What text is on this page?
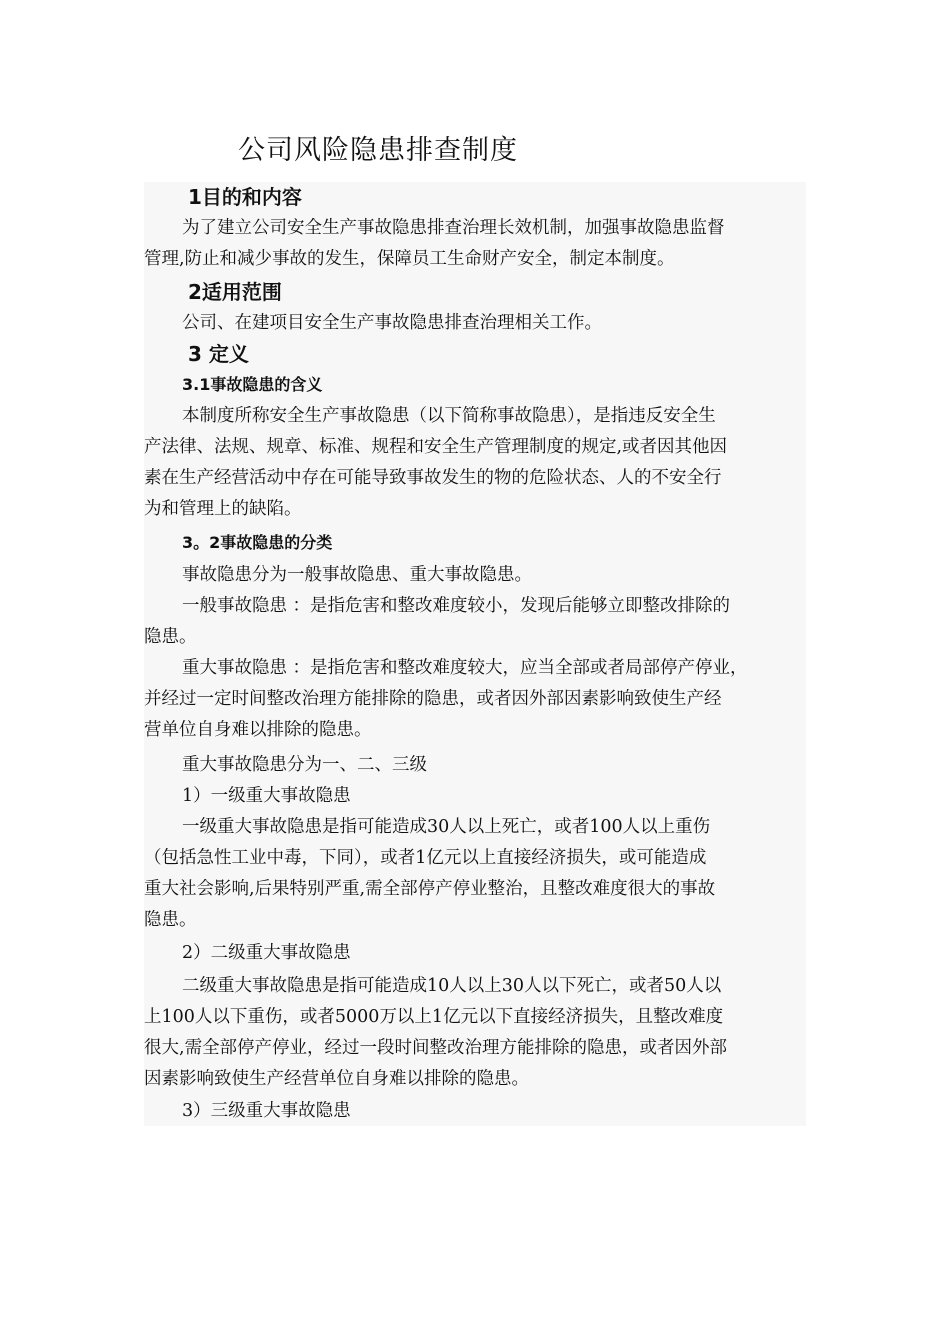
公司风险隐患排查制度
1目的和内容
为了建立公司安全生产事故隐患排查治理长效机制，加强事故隐患监督
管理,防止和减少事故的发生，保障员工生命财产安全，制定本制度。
2适用范围
公司、在建项目安全生产事故隐患排查治理相关工作。
3 定义
3.1事故隐患的含义
本制度所称安全生产事故隐患（以下简称事故隐患），是指违反安全生
产法律、法规、规章、标准、规程和安全生产管理制度的规定,或者因其他因
素在生产经营活动中存在可能导致事故发生的物的危险状态、人的不安全行
为和管理上的缺陷。
3。2事故隐患的分类
事故隐患分为一般事故隐患、重大事故隐患。
一般事故隐患 ：是指危害和整改难度较小，发现后能够立即整改排除的
隐患。
重大事故隐患 ：是指危害和整改难度较大，应当全部或者局部停产停业，
并经过一定时间整改治理方能排除的隐患，或者因外部因素影响致使生产经
营单位自身难以排除的隐患。
重大事故隐患分为一、二、三级
1）一级重大事故隐患
一级重大事故隐患是指可能造成30人以上死亡，或者100人以上重伤
（包括急性工业中毒，下同），或者1亿元以上直接经济损失，或可能造成
重大社会影响,后果特别严重,需全部停产停业整治，且整改难度很大的事故
隐患。
2）二级重大事故隐患
二级重大事故隐患是指可能造成10人以上30人以下死亡，或者50人以
上100人以下重伤，或者5000万以上1亿元以下直接经济损失，且整改难度
很大,需全部停产停业，经过一段时间整改治理方能排除的隐患，或者因外部
因素影响致使生产经营单位自身难以排除的隐患。
3）三级重大事故隐患
